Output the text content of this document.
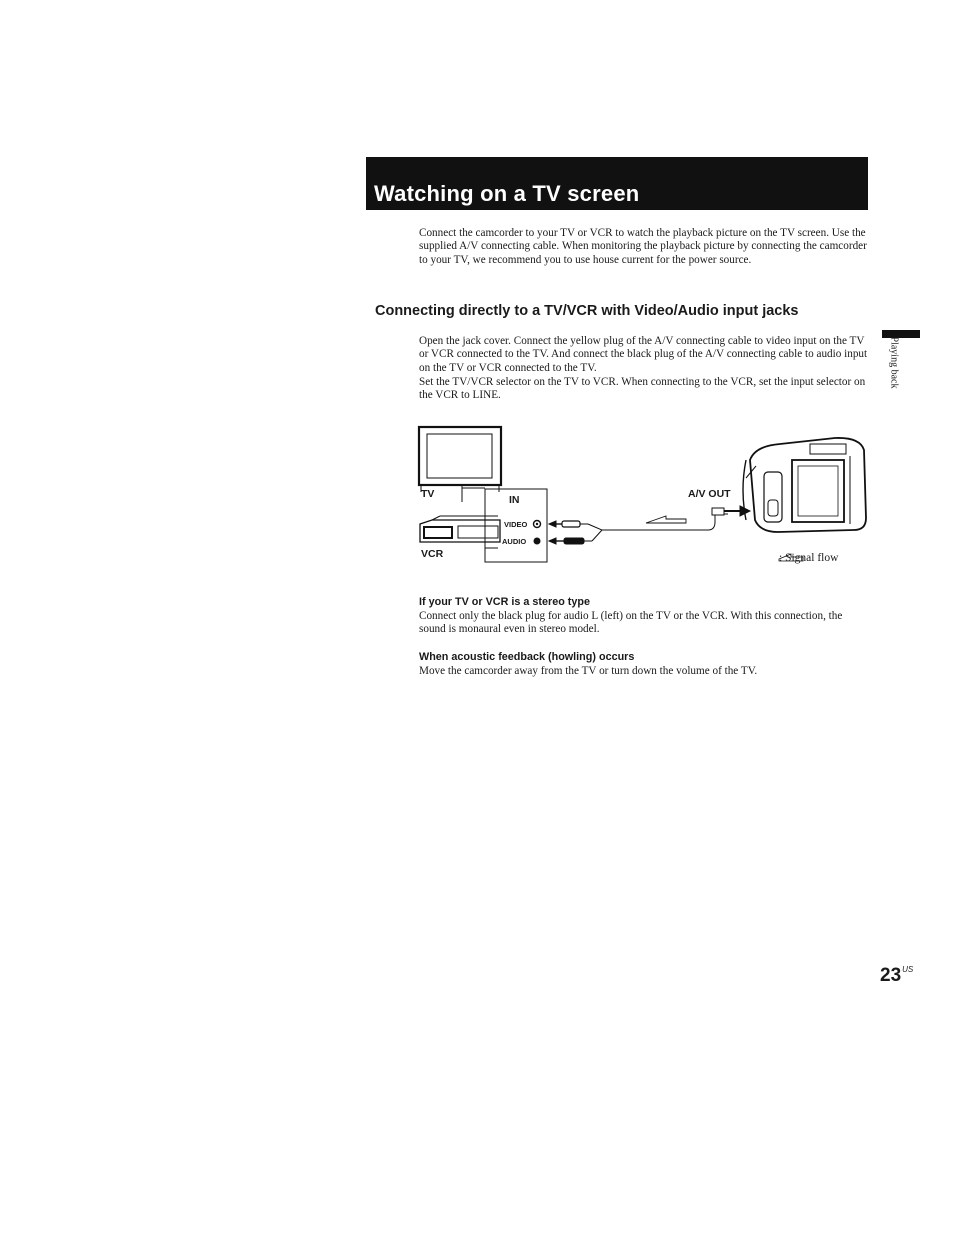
Watching on a TV screen
Connect the camcorder to your TV or VCR to watch the playback picture on the TV screen. Use the supplied A/V connecting cable. When monitoring the playback picture by connecting the camcorder to your TV, we recommend you to use house current for the power source.
Connecting directly to a TV/VCR with Video/Audio input jacks
Open the jack cover. Connect the yellow plug of the A/V connecting cable to video input on the TV or VCR connected to the TV. And connect the black plug of the A/V connecting cable to audio input on the TV or VCR connected to the TV.
Set the TV/VCR selector on the TV to VCR. When connecting to the VCR, set the input selector on the VCR to LINE.
Playing back
TV
VCR
IN
VIDEO
AUDIO
A/V OUT
: Signal flow
If your TV or VCR is a stereo type
Connect only the black plug for audio L (left) on the TV or the VCR. With this connection, the sound is monaural even in stereo model.
When acoustic feedback (howling) occurs
Move the camcorder away from the TV or turn down the volume of the TV.
$23^{US}$
